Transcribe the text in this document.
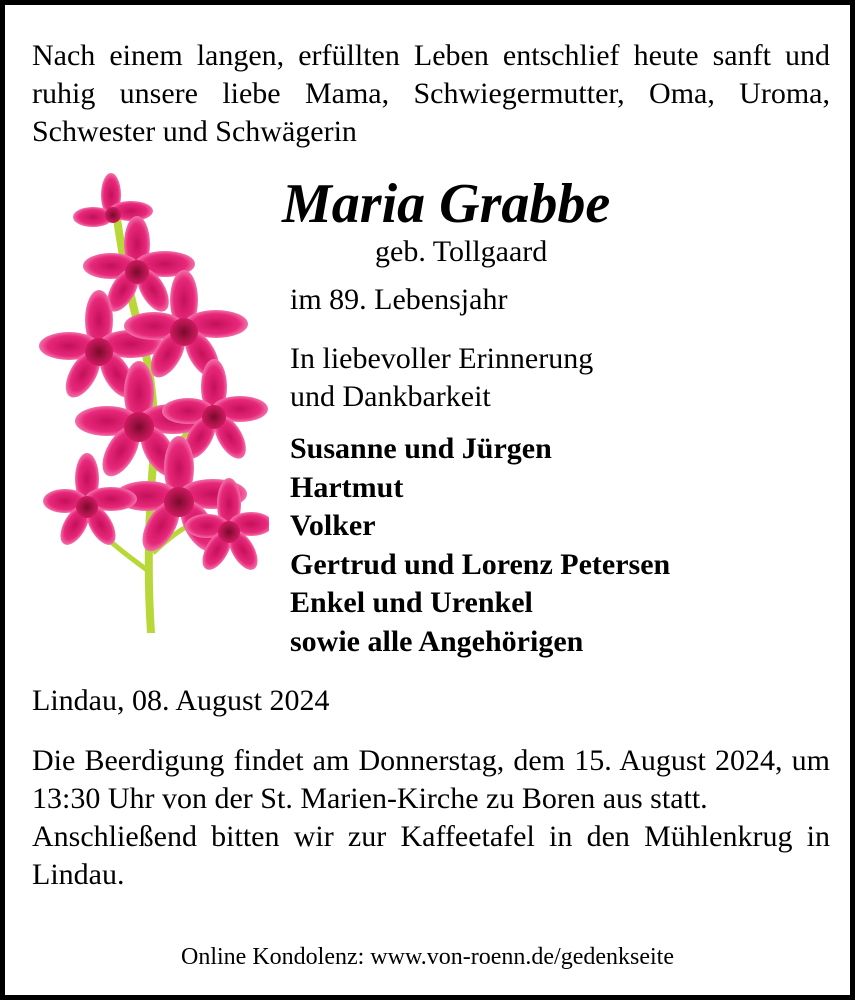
Nach einem langen, erfüllten Leben entschlief heute sanft und ruhig unsere liebe Mama, Schwiegermutter, Oma, Uroma, Schwester und Schwägerin
Maria Grabbe
geb. Tollgaard
im 89. Lebensjahr
In liebevoller Erinnerung
und Dankbarkeit
Susanne und Jürgen
Hartmut
Volker
Gertrud und Lorenz Petersen
Enkel und Urenkel
sowie alle Angehörigen
Lindau, 08. August 2024

Die Beerdigung findet am Donnerstag, dem 15. August 2024, um 13:30 Uhr von der St. Marien-Kirche zu Boren aus statt.

Anschließend bitten wir zur Kaffeetafel in den Mühlenkrug in Lindau.

Online Kondolenz: www.von-roenn.de/gedenkseite
